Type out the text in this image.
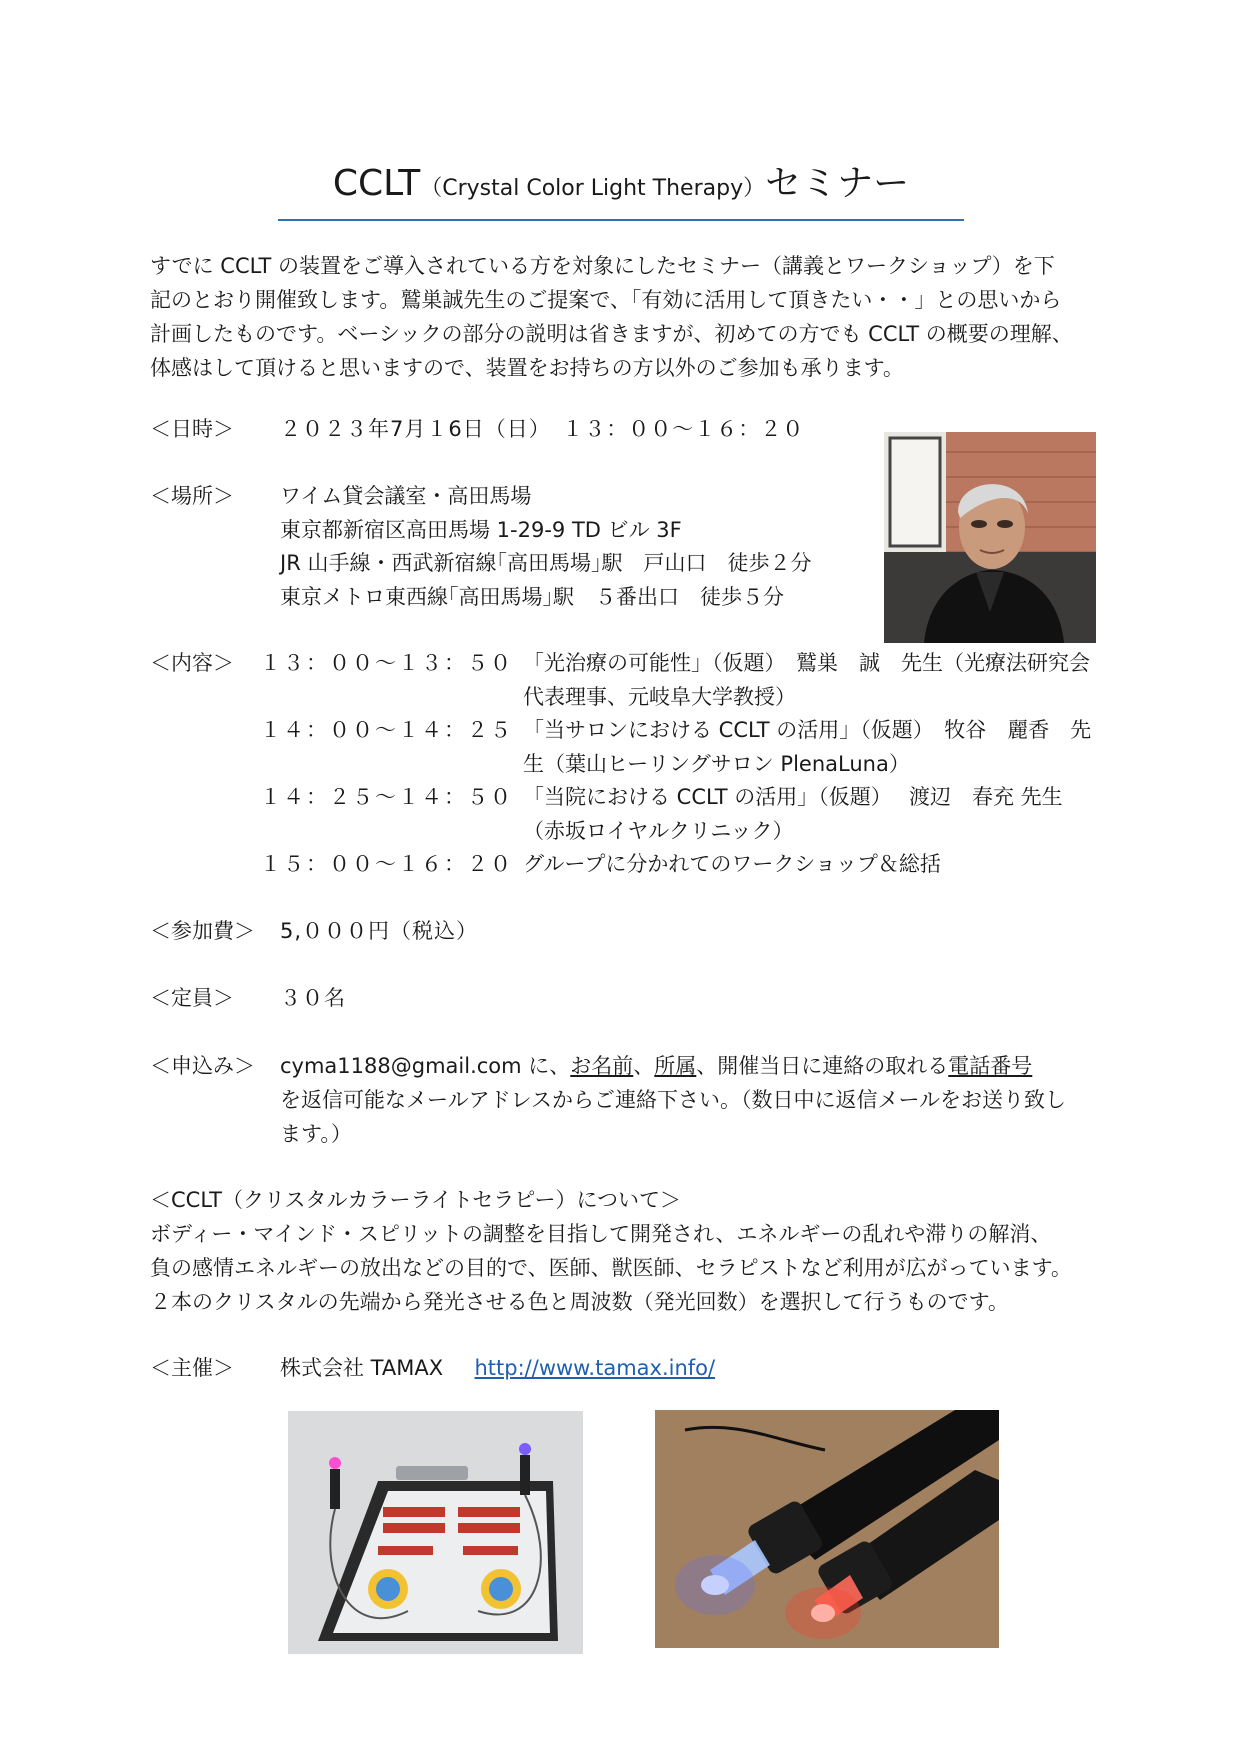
CCLT（Crystal Color Light Therapy）セミナー

すでに CCLT の装置をご導入されている方を対象にしたセミナー（講義とワークショップ）を下

記のとおり開催致します。鷲巣誠先生のご提案で、「有効に活用して頂きたい・・」との思いから

計画したものです。ベーシックの部分の説明は省きますが、初めての方でも CCLT の概要の理解、

体感はして頂けると思いますので、装置をお持ちの方以外のご参加も承ります。

＜日時＞ ２０２３年7月１6日（日）　１３：００～１６：２０
＜場所＞ ワイム貸会議室・高田馬場
東京都新宿区高田馬場 1-29-9 TD ビル 3F
JR 山手線・西武新宿線｢高田馬場｣駅　戸山口　徒歩２分
東京メトロ東西線｢高田馬場｣駅　５番出口　徒歩５分
＜内容＞ １３：００～１３：５０ 「光治療の可能性」（仮題）　鷲巣　誠　先生（光療法研究会
代表理事、元岐阜大学教授）
１４：００～１４：２５ 「当サロンにおける CCLT の活用」（仮題）　牧谷　麗香　先
生（葉山ヒーリングサロン PlenaLuna）
１４：２５～１４：５０ 「当院における CCLT の活用」（仮題）　 渡辺　春充 先生
（赤坂ロイヤルクリニック）
１５：００～１６：２０ グループに分かれてのワークショップ＆総括
＜参加費＞ 5,０００円（税込）
＜定員＞ ３０名
＜申込み＞ cyma1188@gmail.com に、お名前、所属、開催当日に連絡の取れる電話番号
を返信可能なメールアドレスからご連絡下さい。（数日中に返信メールをお送り致し
ます。）
＜CCLT（クリスタルカラーライトセラピー）について＞
ボディー・マインド・スピリットの調整を目指して開発され、エネルギーの乱れや滞りの解消、
負の感情エネルギーの放出などの目的で、医師、獣医師、セラピストなど利用が広がっています。
２本のクリスタルの先端から発光させる色と周波数（発光回数）を選択して行うものです。
＜主催＞ 株式会社 TAMAX http://www.tamax.info/
